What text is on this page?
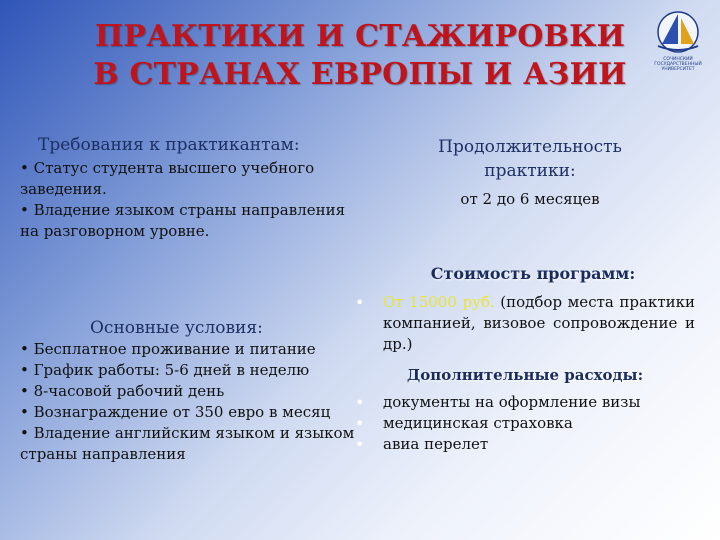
ПРАКТИКИ И СТАЖИРОВКИ
В СТРАНАХ ЕВРОПЫ И АЗИИ	СОЧИНСКИЙ
ГОСУДАРСТВЕННЫЙ
УНИВЕРСИТЕТ
Требования к практикантам:
• Статус студента высшего учебного заведения.
• Владение языком страны направления на разговорном уровне.
Продолжительность практики:
от 2 до 6 месяцев
Стоимость программ:
Основные условия:
• Бесплатное проживание и питание
• График работы: 5-6 дней в неделю
• 8-часовой рабочий день
• Вознаграждение от 350 евро в месяц
• Владение английским языком и языком страны направления
• От 15000 руб. (подбор места практики компанией, визовое сопровождение и др.)
Дополнительные расходы:
• документы на оформление визы
• медицинская страховка
• авиа перелет
